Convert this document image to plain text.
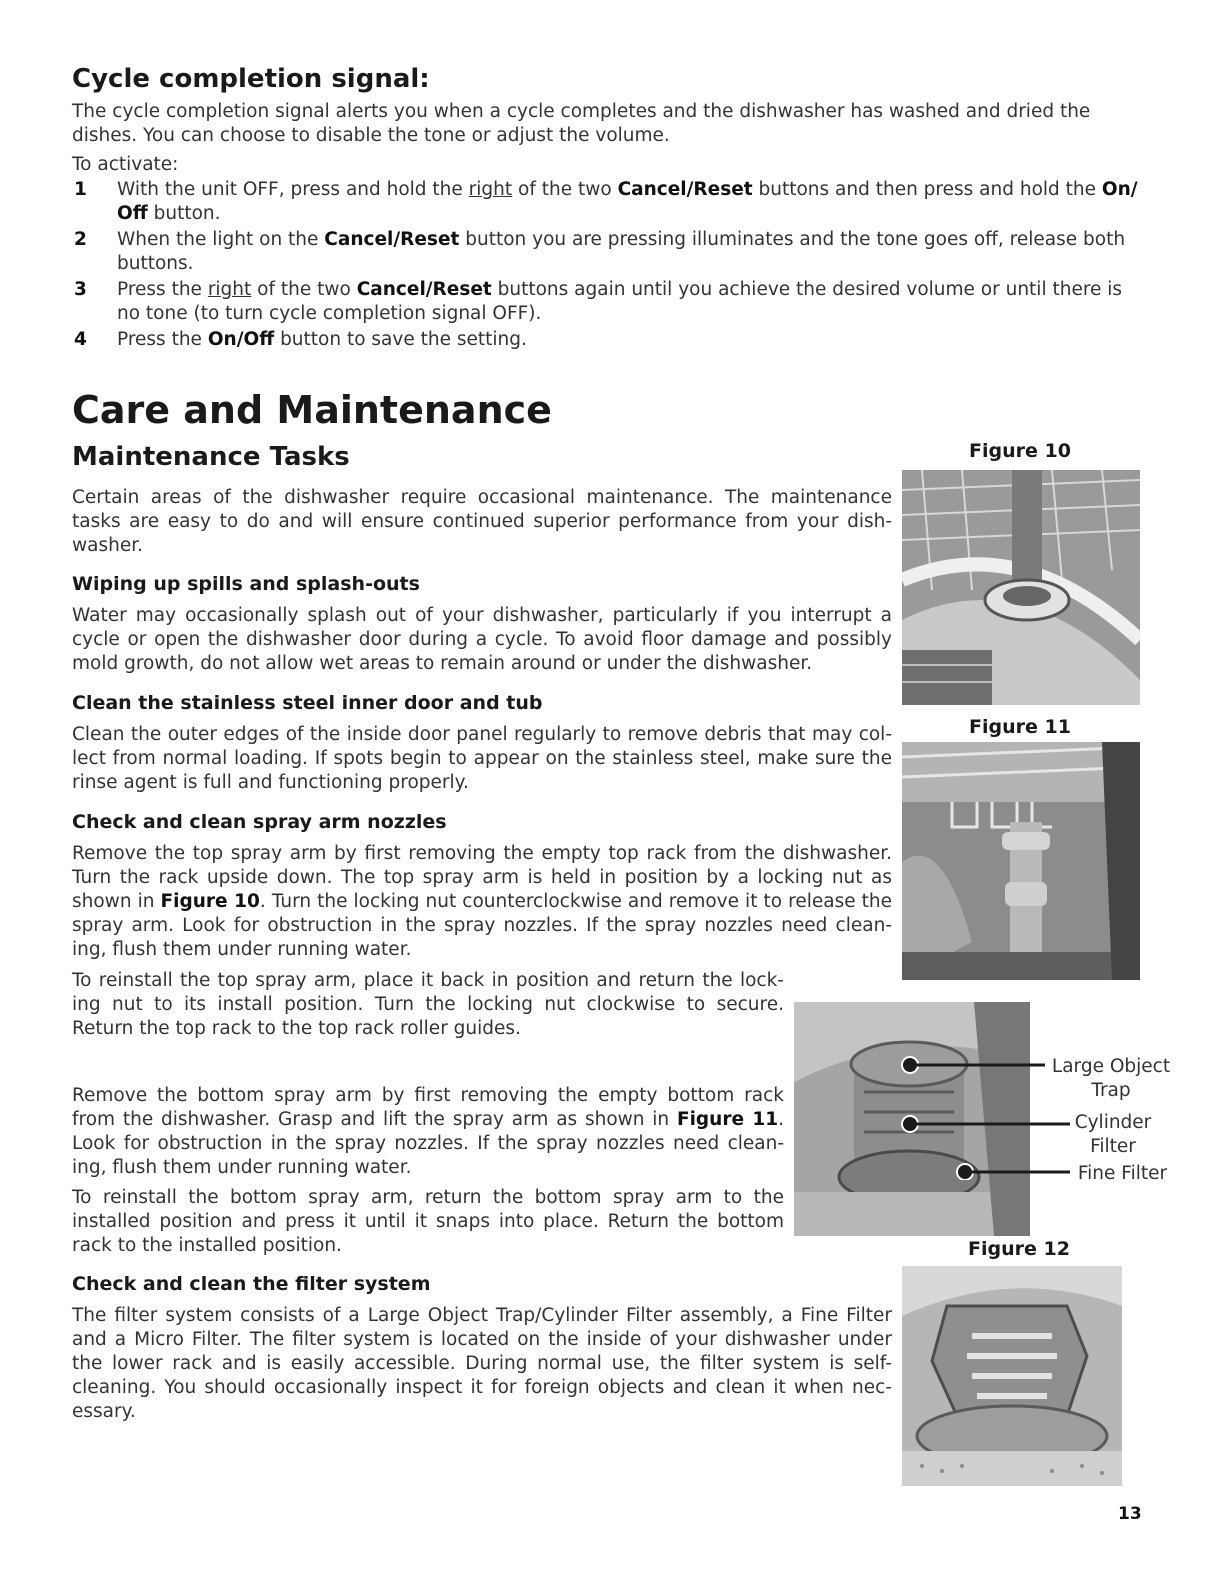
Cycle completion signal:
The cycle completion signal alerts you when a cycle completes and the dishwasher has washed and dried the dishes. You can choose to disable the tone or adjust the volume.
To activate:
1 With the unit OFF, press and hold the right of the two Cancel/Reset buttons and then press and hold the On/ Off button.
2 When the light on the Cancel/Reset button you are pressing illuminates and the tone goes off, release both buttons.
3 Press the right of the two Cancel/Reset buttons again until you achieve the desired volume or until there is no tone (to turn cycle completion signal OFF).
4 Press the On/Off button to save the setting.
Care and Maintenance
Maintenance Tasks
Certain areas of the dishwasher require occasional maintenance. The maintenance tasks are easy to do and will ensure continued superior performance from your dish-washer.
Wiping up spills and splash-outs
Water may occasionally splash out of your dishwasher, particularly if you interrupt a cycle or open the dishwasher door during a cycle. To avoid floor damage and possibly mold growth, do not allow wet areas to remain around or under the dishwasher.
Clean the stainless steel inner door and tub
Clean the outer edges of the inside door panel regularly to remove debris that may col-lect from normal loading. If spots begin to appear on the stainless steel, make sure the rinse agent is full and functioning properly.
Check and clean spray arm nozzles
Remove the top spray arm by first removing the empty top rack from the dishwasher. Turn the rack upside down. The top spray arm is held in position by a locking nut as shown in Figure 10. Turn the locking nut counterclockwise and remove it to release the spray arm. Look for obstruction in the spray nozzles. If the spray nozzles need clean-ing, flush them under running water.
To reinstall the top spray arm, place it back in position and return the lock-ing nut to its install position. Turn the locking nut clockwise to secure. Return the top rack to the top rack roller guides.
Remove the bottom spray arm by first removing the empty bottom rack from the dishwasher. Grasp and lift the spray arm as shown in Figure 11. Look for obstruction in the spray nozzles. If the spray nozzles need clean-ing, flush them under running water.
To reinstall the bottom spray arm, return the bottom spray arm to the installed position and press it until it snaps into place. Return the bottom rack to the installed position.
Check and clean the filter system
The filter system consists of a Large Object Trap/Cylinder Filter assembly, a Fine Filter and a Micro Filter. The filter system is located on the inside of your dishwasher under the lower rack and is easily accessible. During normal use, the filter system is self-cleaning. You should occasionally inspect it for foreign objects and clean it when nec-essary.
Figure 10
Figure 11
Large Object Trap
Cylinder Filter
Fine Filter
Figure 12
13
